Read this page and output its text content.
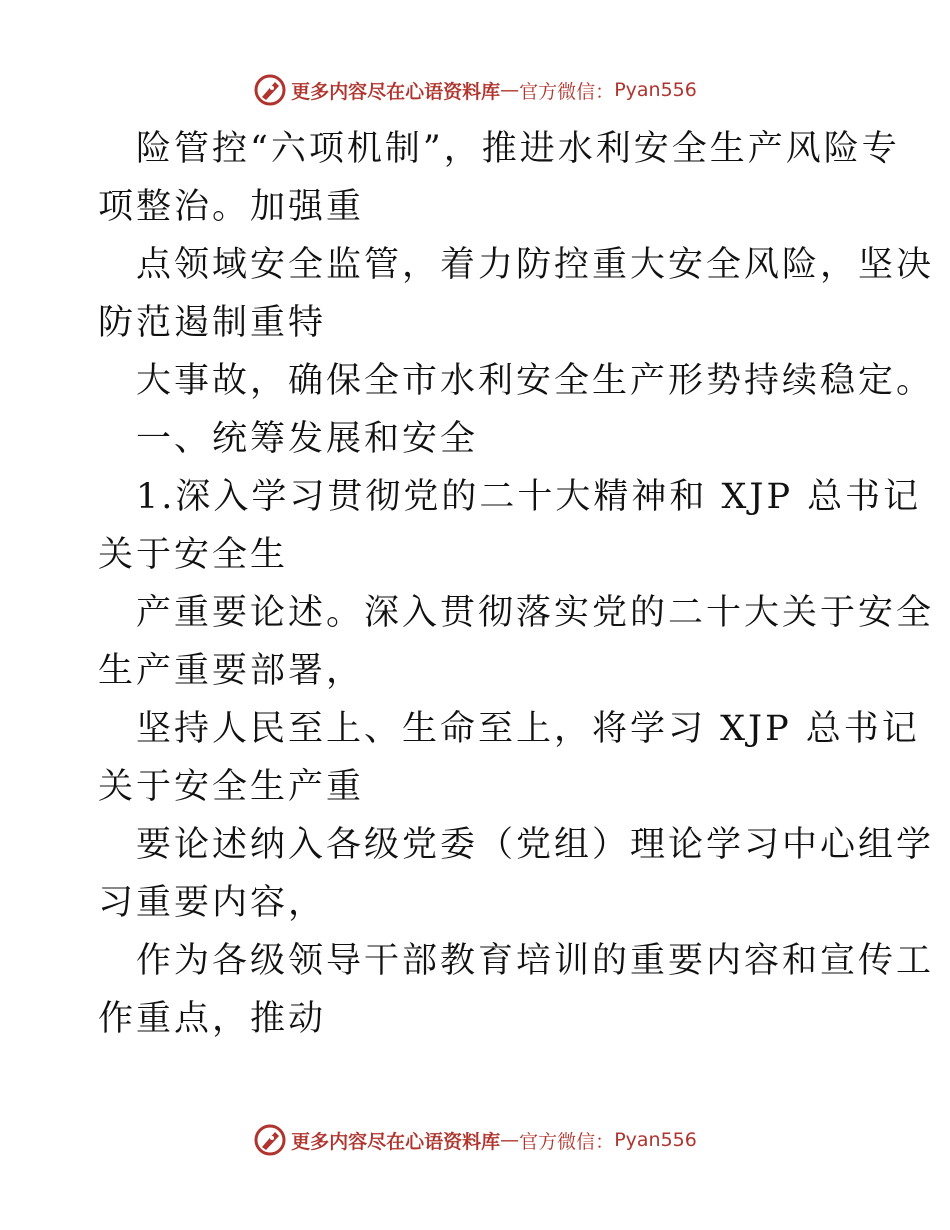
更多内容尽在心语资料库 — 官方微信： Pyan556
险管控“六项机制”，推进水利安全生产风险专
项整治。加强重
点领域安全监管，着力防控重大安全风险，坚决
防范遏制重特
大事故，确保全市水利安全生产形势持续稳定。
一、统筹发展和安全
1.深入学习贯彻党的二十大精神和 XJP 总书记
关于安全生
产重要论述。深入贯彻落实党的二十大关于安全
生产重要部署，
坚持人民至上、生命至上，将学习 XJP 总书记
关于安全生产重
要论述纳入各级党委（党组）理论学习中心组学
习重要内容，
作为各级领导干部教育培训的重要内容和宣传工
作重点，推动
更多内容尽在心语资料库 — 官方微信： Pyan556
